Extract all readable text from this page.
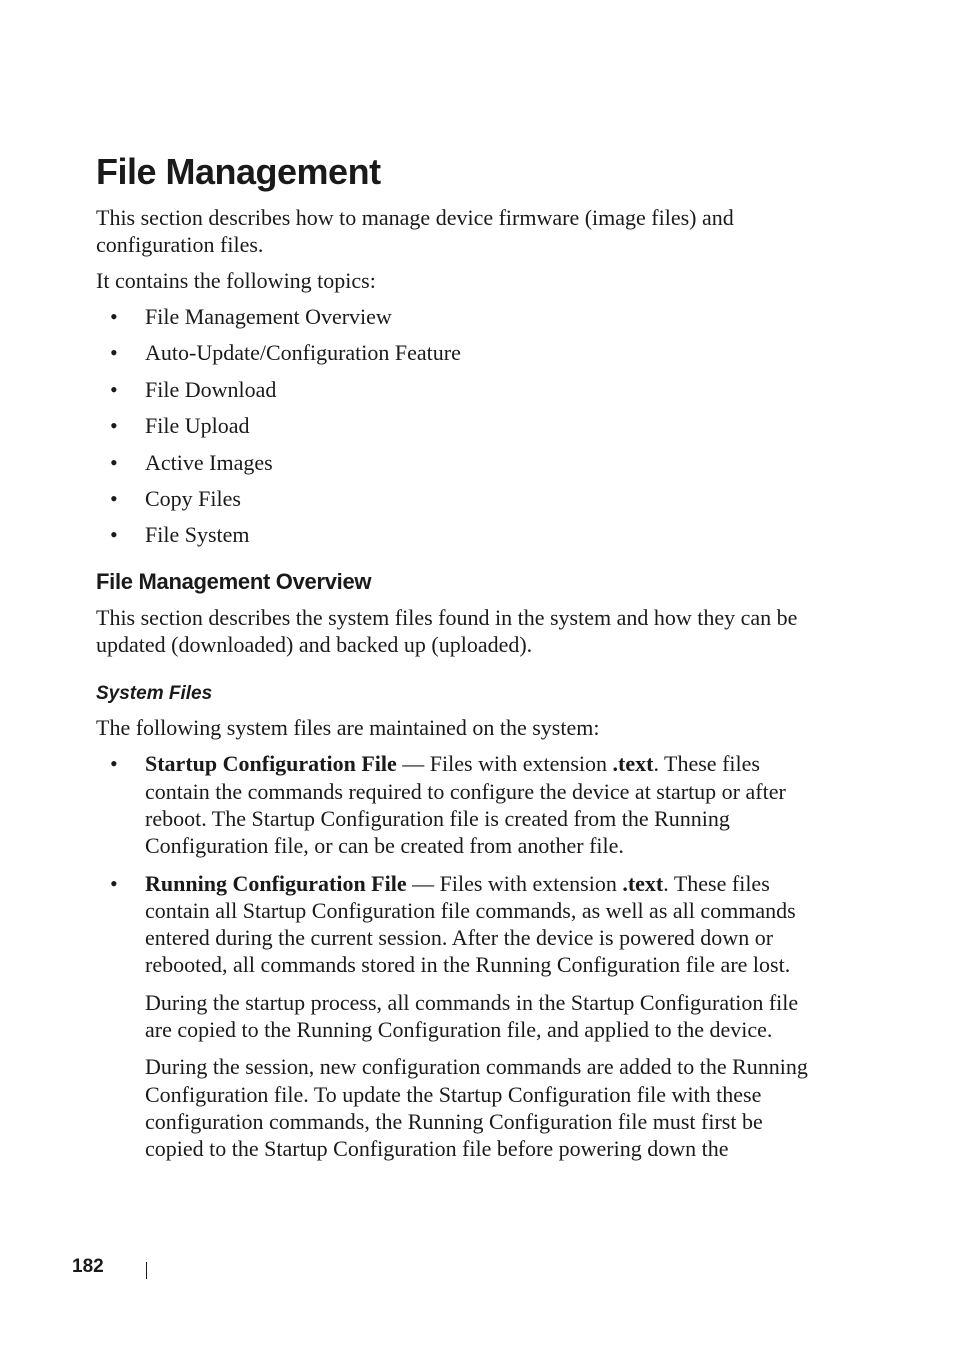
File Management

This section describes how to manage device firmware (image files) and configuration files.

It contains the following topics:

• File Management Overview
• Auto-Update/Configuration Feature
• File Download
• File Upload
• Active Images
• Copy Files
• File System
File Management Overview

This section describes the system files found in the system and how they can be updated (downloaded) and backed up (uploaded).

System Files

The following system files are maintained on the system:

• Startup Configuration File — Files with extension .text. These files contain the commands required to configure the device at startup or after reboot. The Startup Configuration file is created from the Running Configuration file, or can be created from another file.

• Running Configuration File — Files with extension .text. These files contain all Startup Configuration file commands, as well as all commands entered during the current session. After the device is powered down or rebooted, all commands stored in the Running Configuration file are lost.

During the startup process, all commands in the Startup Configuration file are copied to the Running Configuration file, and applied to the device.

During the session, new configuration commands are added to the Running Configuration file. To update the Startup Configuration file with these configuration commands, the Running Configuration file must first be copied to the Startup Configuration file before powering down the

182
